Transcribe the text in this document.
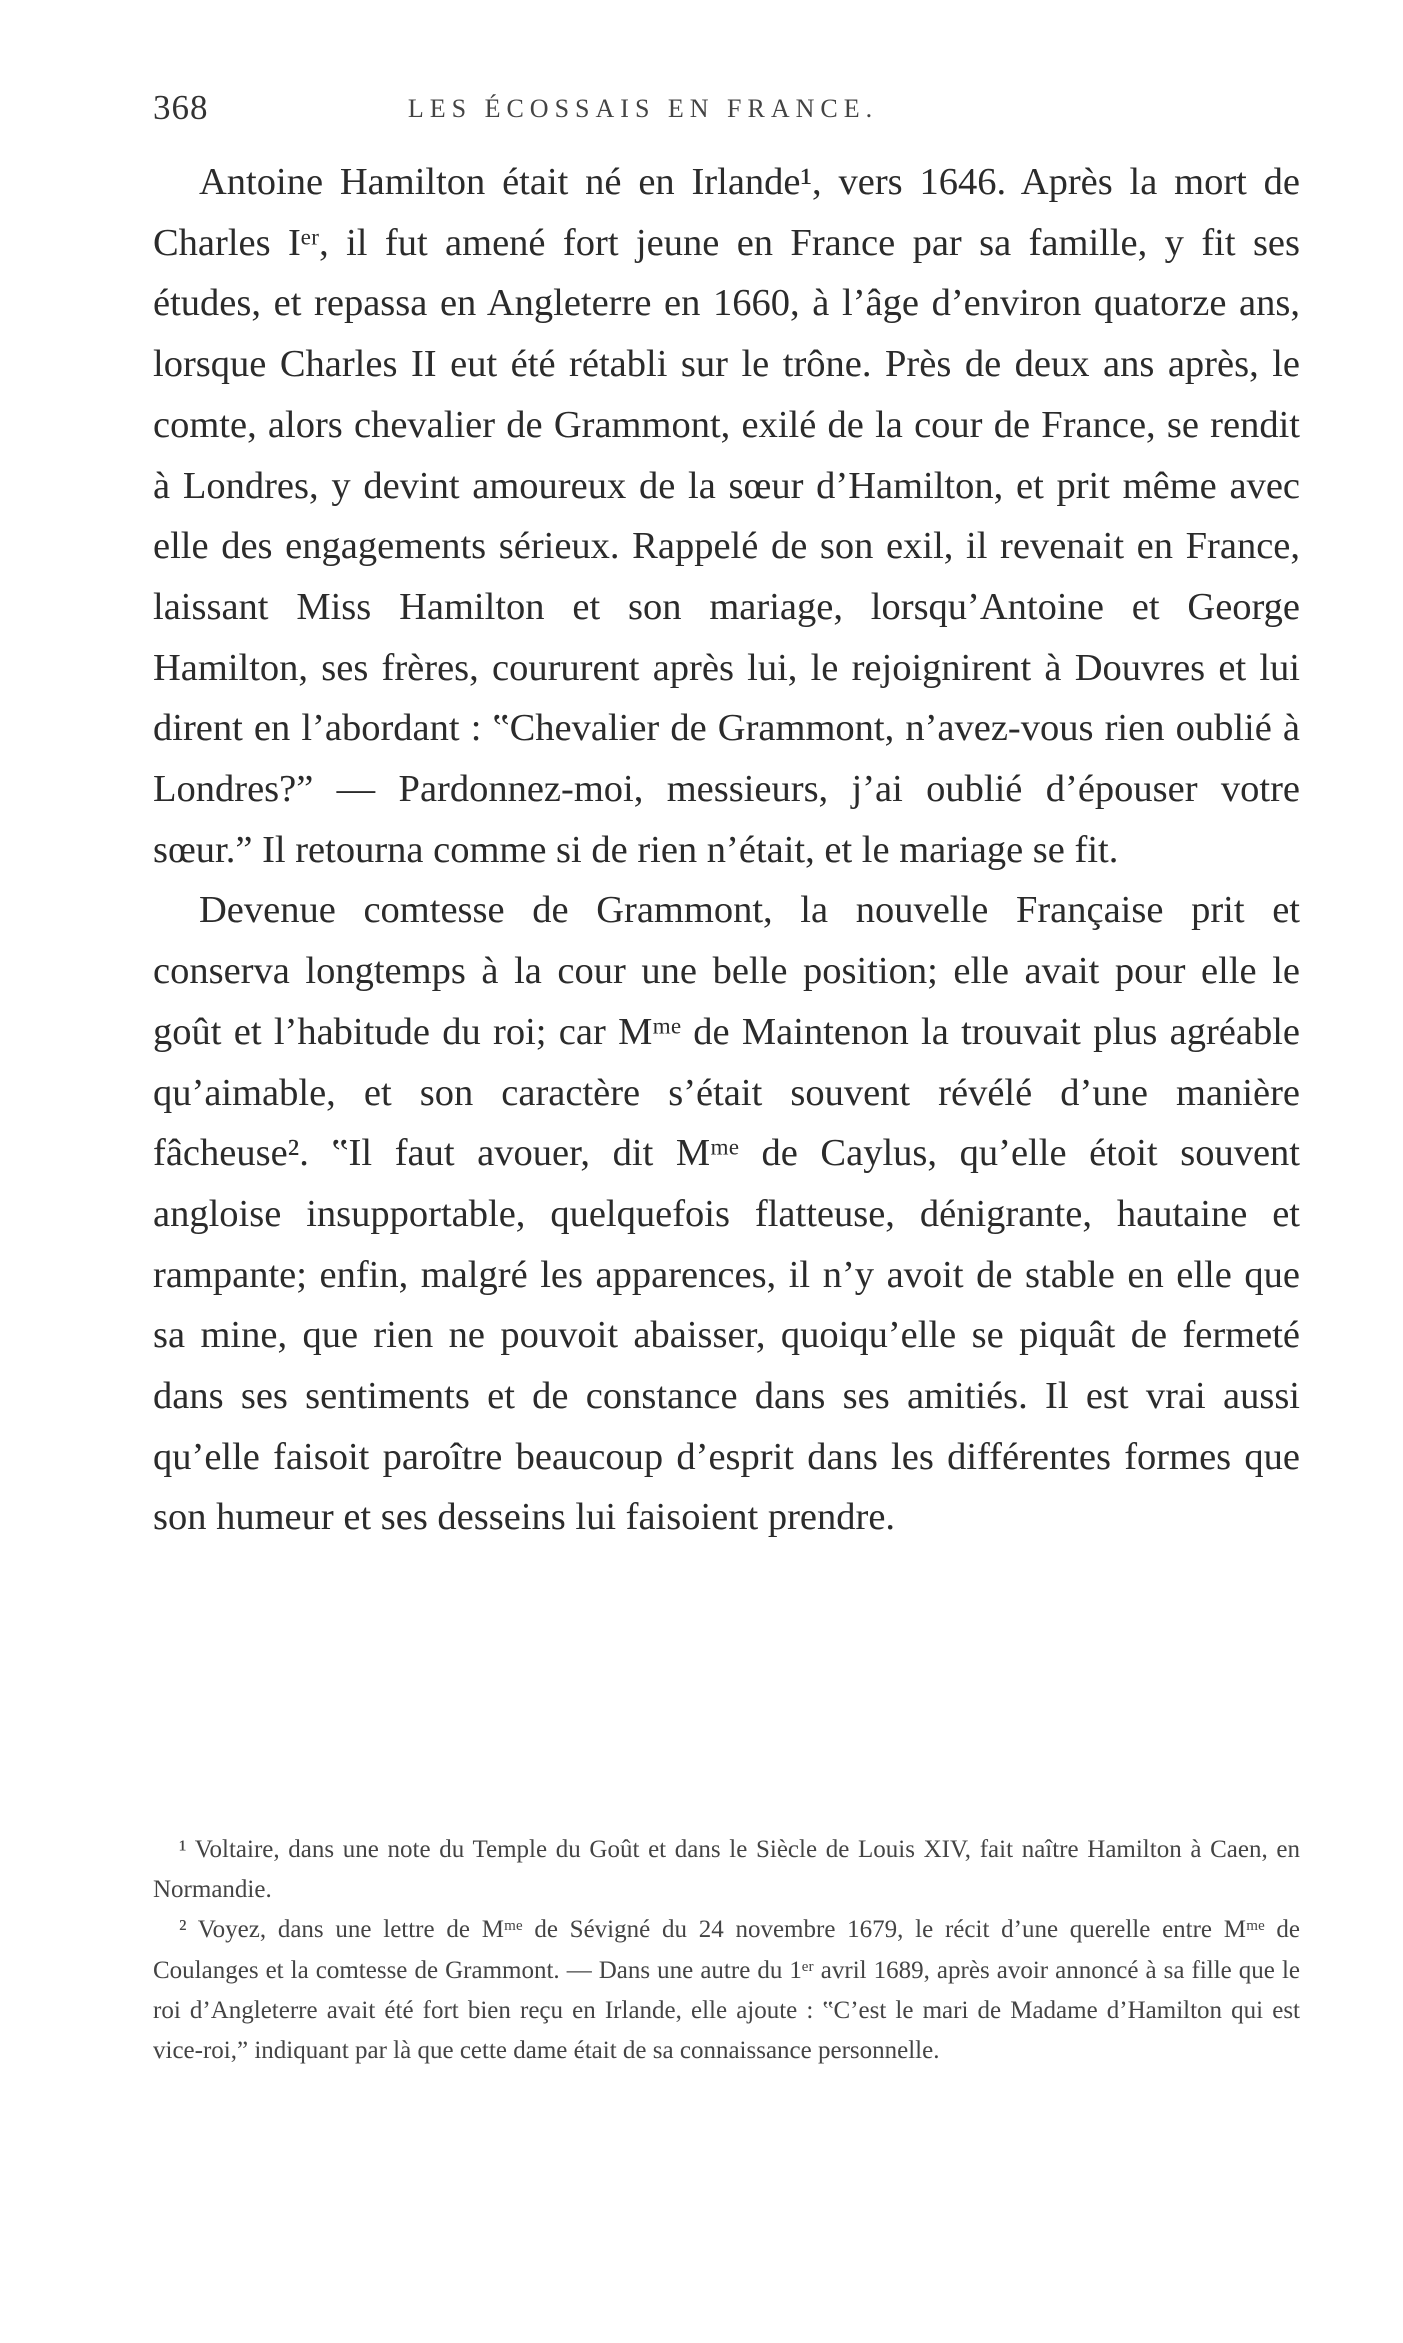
368	LES ÉCOSSAIS EN FRANCE.

Antoine Hamilton était né en Irlande¹, vers 1646. Après la mort de Charles Iᵉʳ, il fut amené fort jeune en France par sa famille, y fit ses études, et repassa en Angleterre en 1660, à l’âge d’environ quatorze ans, lorsque Charles II eut été rétabli sur le trône. Près de deux ans après, le comte, alors chevalier de Grammont, exilé de la cour de France, se rendit à Londres, y devint amoureux de la sœur d’Hamilton, et prit même avec elle des engagements sérieux. Rappelé de son exil, il revenait en France, laissant Miss Hamilton et son mariage, lorsqu’Antoine et George Hamilton, ses frères, coururent après lui, le rejoignirent à Douvres et lui dirent en l’abordant : ‟Chevalier de Grammont, n’avez-vous rien oublié à Londres?” — Pardonnez-moi, messieurs, j’ai oublié d’épouser votre sœur.” Il retourna comme si de rien n’était, et le mariage se fit.

Devenue comtesse de Grammont, la nouvelle Française prit et conserva longtemps à la cour une belle position; elle avait pour elle le goût et l’habitude du roi; car Mᵐᵉ de Maintenon la trouvait plus agréable qu’aimable, et son caractère s’était souvent révélé d’une manière fâcheuse². ‟Il faut avouer, dit Mᵐᵉ de Caylus, qu’elle étoit souvent angloise insupportable, quelquefois flatteuse, dénigrante, hautaine et rampante; enfin, malgré les apparences, il n’y avoit de stable en elle que sa mine, que rien ne pouvoit abaisser, quoiqu’elle se piquât de fermeté dans ses sentiments et de constance dans ses amitiés. Il est vrai aussi qu’elle faisoit paroître beaucoup d’esprit dans les différentes formes que son humeur et ses desseins lui faisoient prendre.

¹ Voltaire, dans une note du Temple du Goût et dans le Siècle de Louis XIV, fait naître Hamilton à Caen, en Normandie.

² Voyez, dans une lettre de Mᵐᵉ de Sévigné du 24 novembre 1679, le récit d’une querelle entre Mᵐᵉ de Coulanges et la comtesse de Grammont. — Dans une autre du 1ᵉʳ avril 1689, après avoir annoncé à sa fille que le roi d’Angleterre avait été fort bien reçu en Irlande, elle ajoute : ‟C’est le mari de Madame d’Hamilton qui est vice-roi,” indiquant par là que cette dame était de sa connaissance personnelle.
